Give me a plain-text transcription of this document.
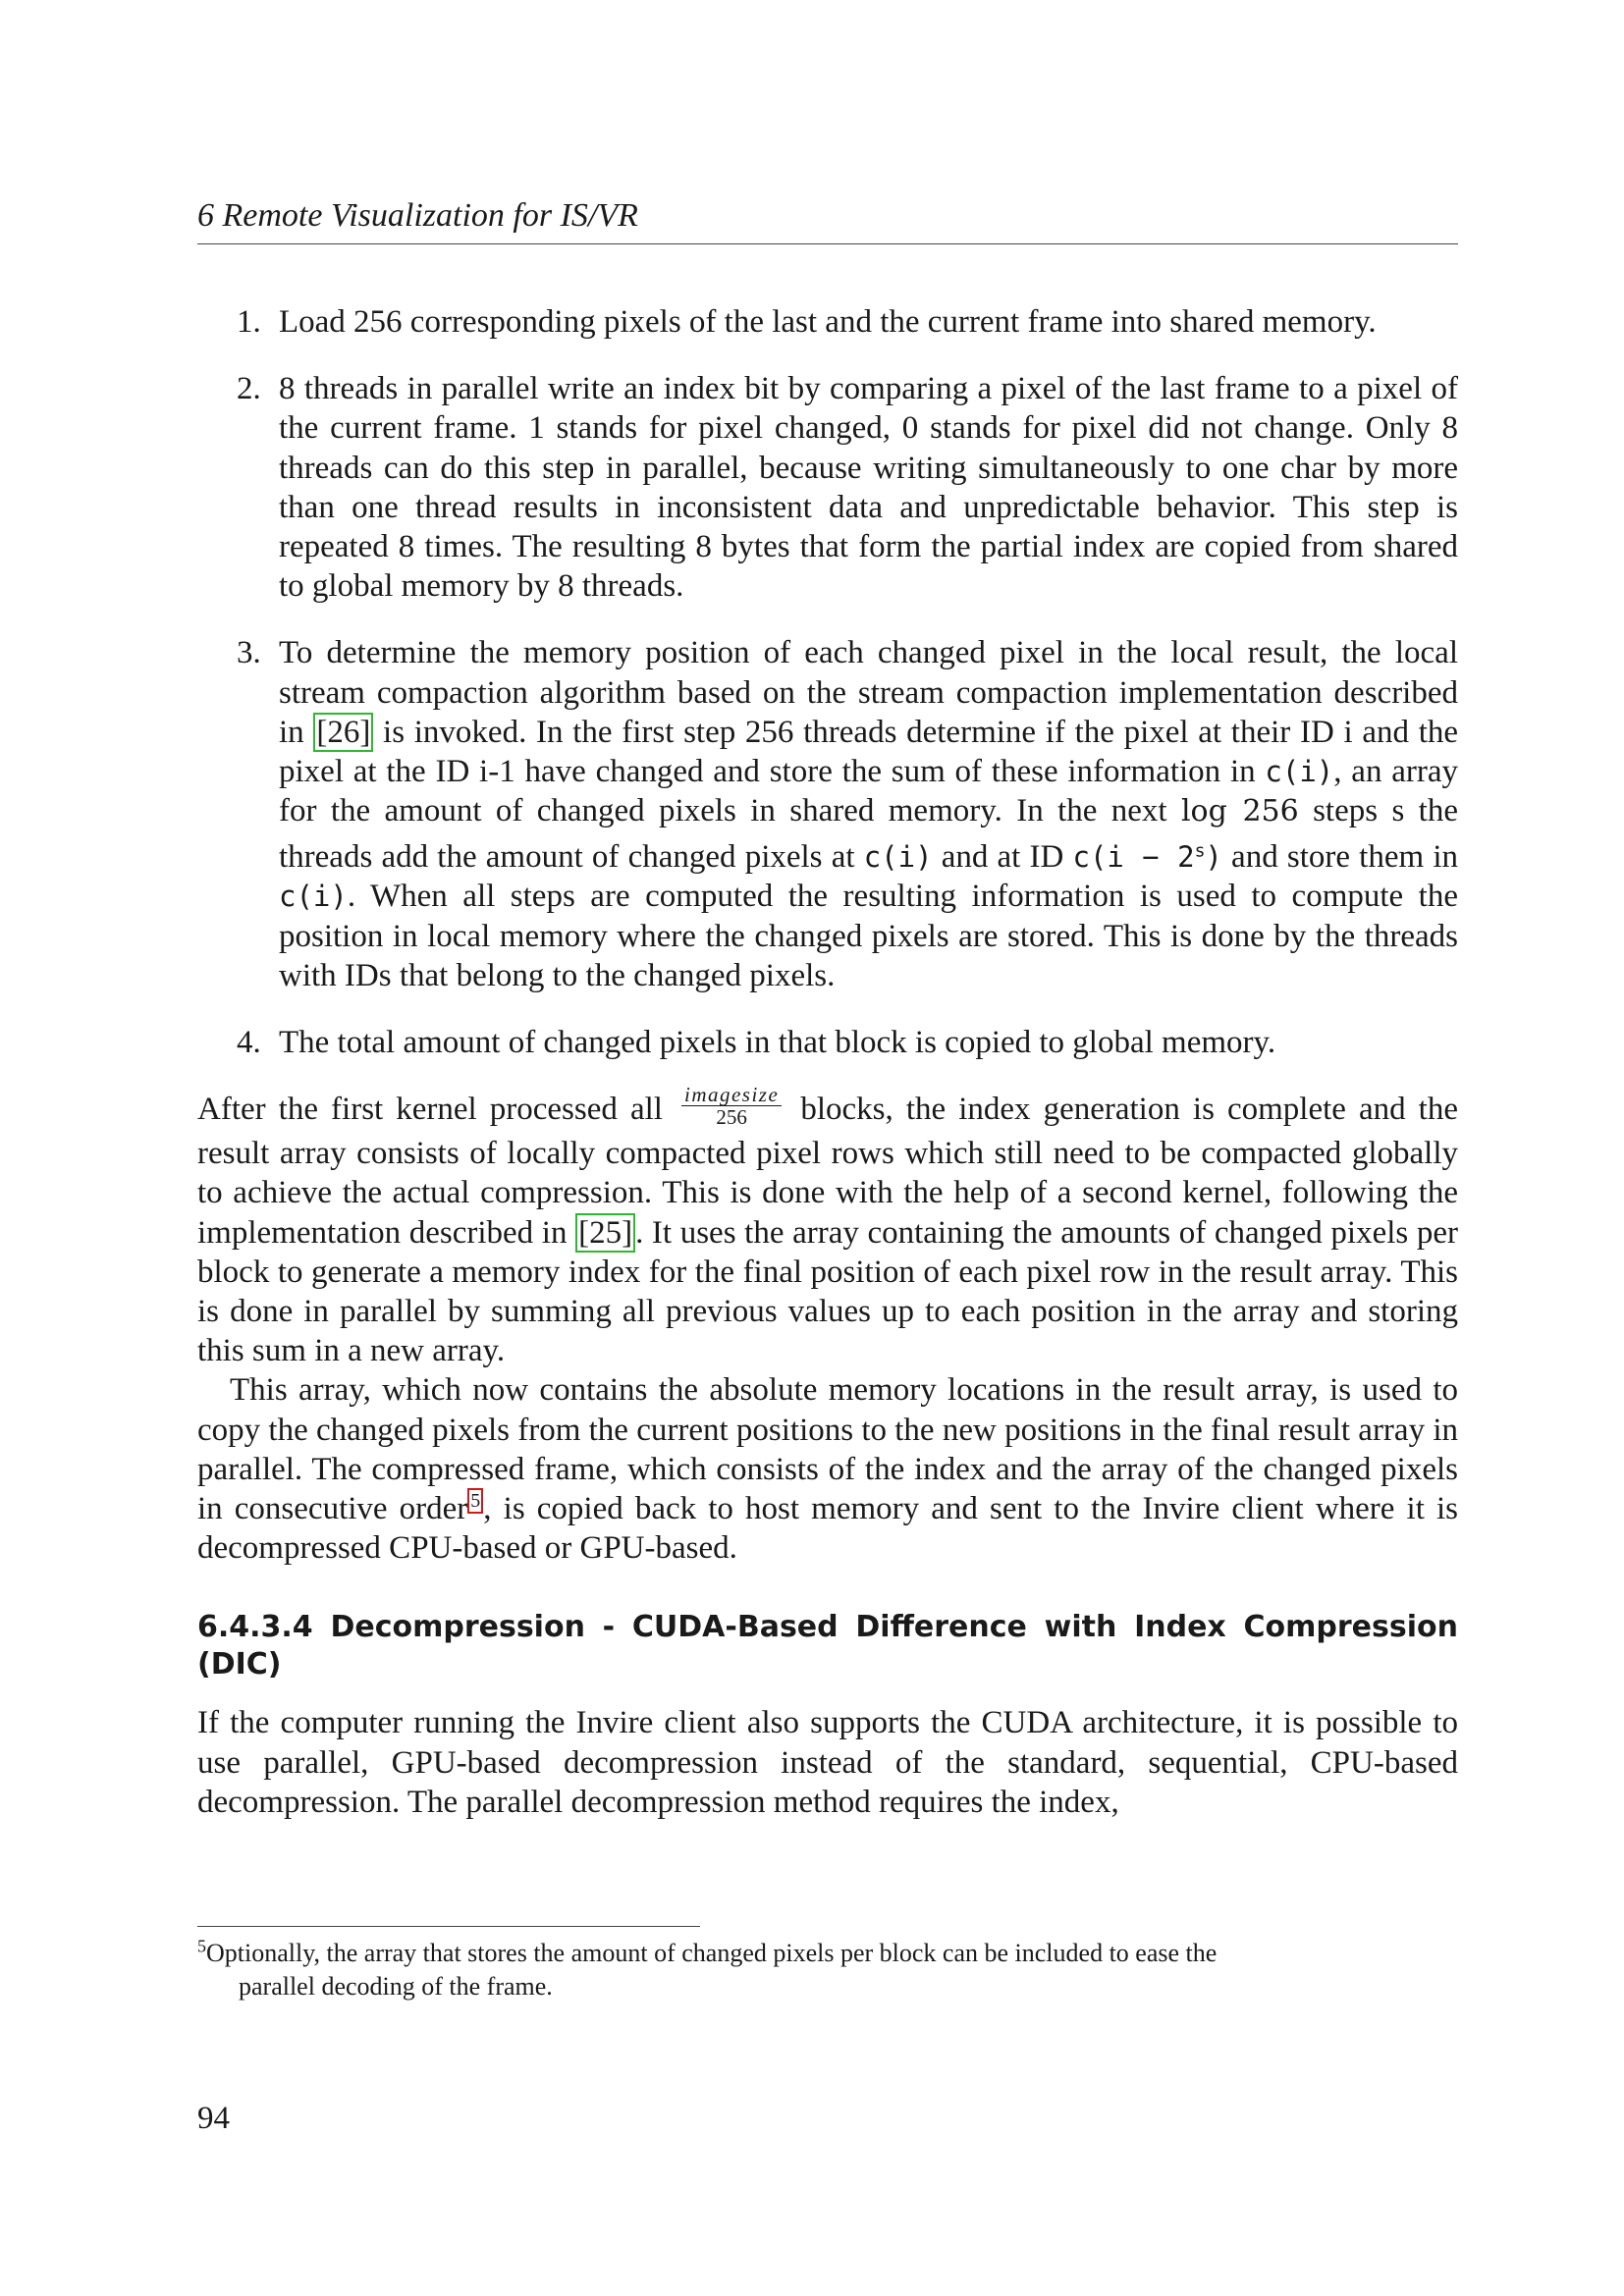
6 Remote Visualization for IS/VR
1. Load 256 corresponding pixels of the last and the current frame into shared memory.
2. 8 threads in parallel write an index bit by comparing a pixel of the last frame to a pixel of the current frame. 1 stands for pixel changed, 0 stands for pixel did not change. Only 8 threads can do this step in parallel, because writing simultaneously to one char by more than one thread results in inconsistent data and unpredictable behavior. This step is repeated 8 times. The resulting 8 bytes that form the partial index are copied from shared to global memory by 8 threads.
3. To determine the memory position of each changed pixel in the local result, the local stream compaction algorithm based on the stream compaction implementation described in [26] is invoked. In the first step 256 threads determine if the pixel at their ID i and the pixel at the ID i-1 have changed and store the sum of these information in c(i), an array for the amount of changed pixels in shared memory. In the next log 256 steps s the threads add the amount of changed pixels at c(i) and at ID $c(i - 2^s)$ and store them in c(i). When all steps are computed the resulting information is used to compute the position in local memory where the changed pixels are stored. This is done by the threads with IDs that belong to the changed pixels.
4. The total amount of changed pixels in that block is copied to global memory.

After the first kernel processed all $\frac{\text{imagesize}}{256}$ blocks, the index generation is complete and the result array consists of locally compacted pixel rows which still need to be compacted globally to achieve the actual compression. This is done with the help of a second kernel, following the implementation described in [25]. It uses the array containing the amounts of changed pixels per block to generate a memory index for the final position of each pixel row in the result array. This is done in parallel by summing all previous values up to each position in the array and storing this sum in a new array.

This array, which now contains the absolute memory locations in the result array, is used to copy the changed pixels from the current positions to the new positions in the final result array in parallel. The compressed frame, which consists of the index and the array of the changed pixels in consecutive order $^5$, is copied back to host memory and sent to the Invire client where it is decompressed CPU-based or GPU-based.

6.4.3.4 Decompression - CUDA-Based Difference with Index Compression (DIC)

If the computer running the Invire client also supports the CUDA architecture, it is possible to use parallel, GPU-based decompression instead of the standard, sequential, CPU-based decompression. The parallel decompression method requires the index,

$^5$Optionally, the array that stores the amount of changed pixels per block can be included to ease the
parallel decoding of the frame.
94
